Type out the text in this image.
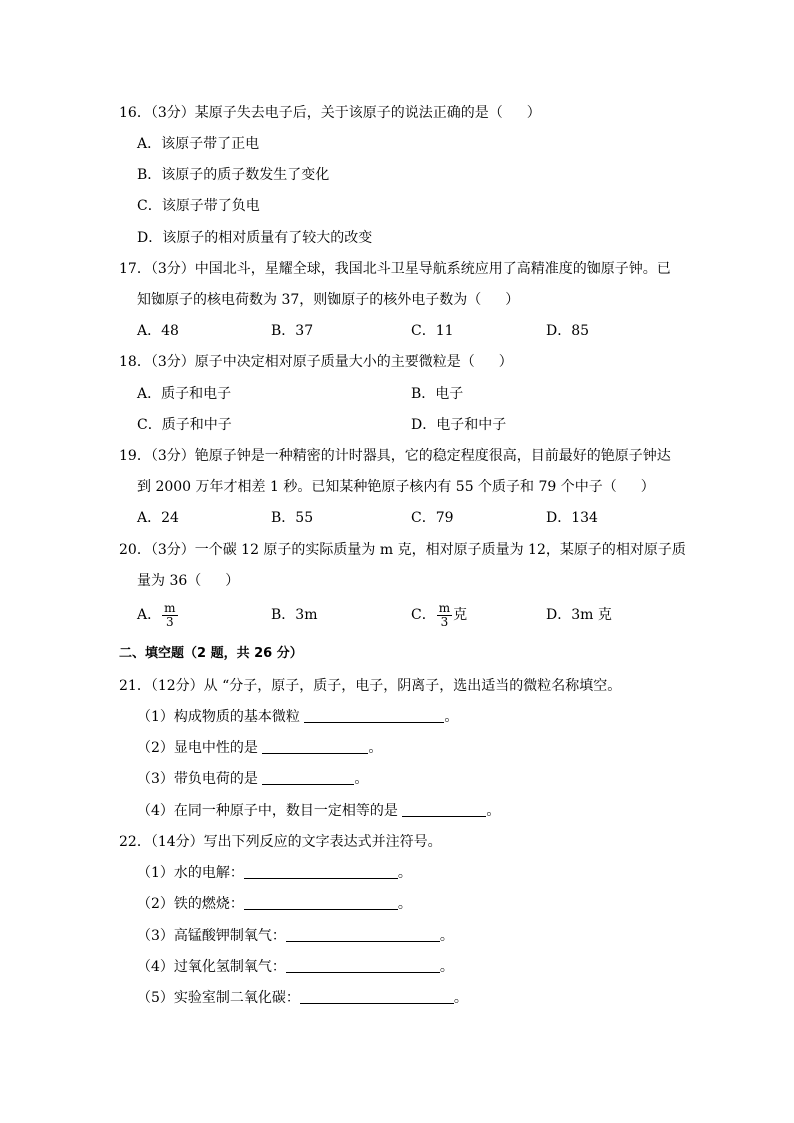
16．（3分）某原子失去电子后，关于该原子的说法正确的是（ ）
A．该原子带了正电
B．该原子的质子数发生了变化
C．该原子带了负电
D．该原子的相对质量有了较大的改变
17．（3分）中国北斗，星耀全球，我国北斗卫星导航系统应用了高精准度的铷原子钟。已
知铷原子的核电荷数为 37，则铷原子的核外电子数为（ ）
A．48	B．37	C．11	D．85
18．（3分）原子中决定相对原子质量大小的主要微粒是（ ）
A．质子和电子	B．电子
C．质子和中子	D．电子和中子
19．（3分）铯原子钟是一种精密的计时器具，它的稳定程度很高，目前最好的铯原子钟达
到 2000 万年才相差 1 秒。已知某种铯原子核内有 55 个质子和 79 个中子（ ）
A．24	B．55	C．79	D．134
20．（3分）一个碳 12 原子的实际质量为 m 克，相对原子质量为 12，某原子的相对原子质
量为 36（ ）
A． $\frac{m}{3}$	B．3m	C． $\frac{m}{3}$ 克	D．3m 克
二、填空题（2 题，共 26 分）
21．（12分）从 “分子，原子，质子，电子，阴离子，选出适当的微粒名称填空。
（1）构成物质的基本微粒	。
（2）显电中性的是	。
（3）带负电荷的是	。
（4）在同一种原子中，数目一定相等的是	。
22．（14分）写出下列反应的文字表达式并注符号。
（1）水的电解：	。
（2）铁的燃烧：	。
（3）高锰酸钾制氧气：	。
（4）过氧化氢制氧气：	。
（5）实验室制二氧化碳：	。
